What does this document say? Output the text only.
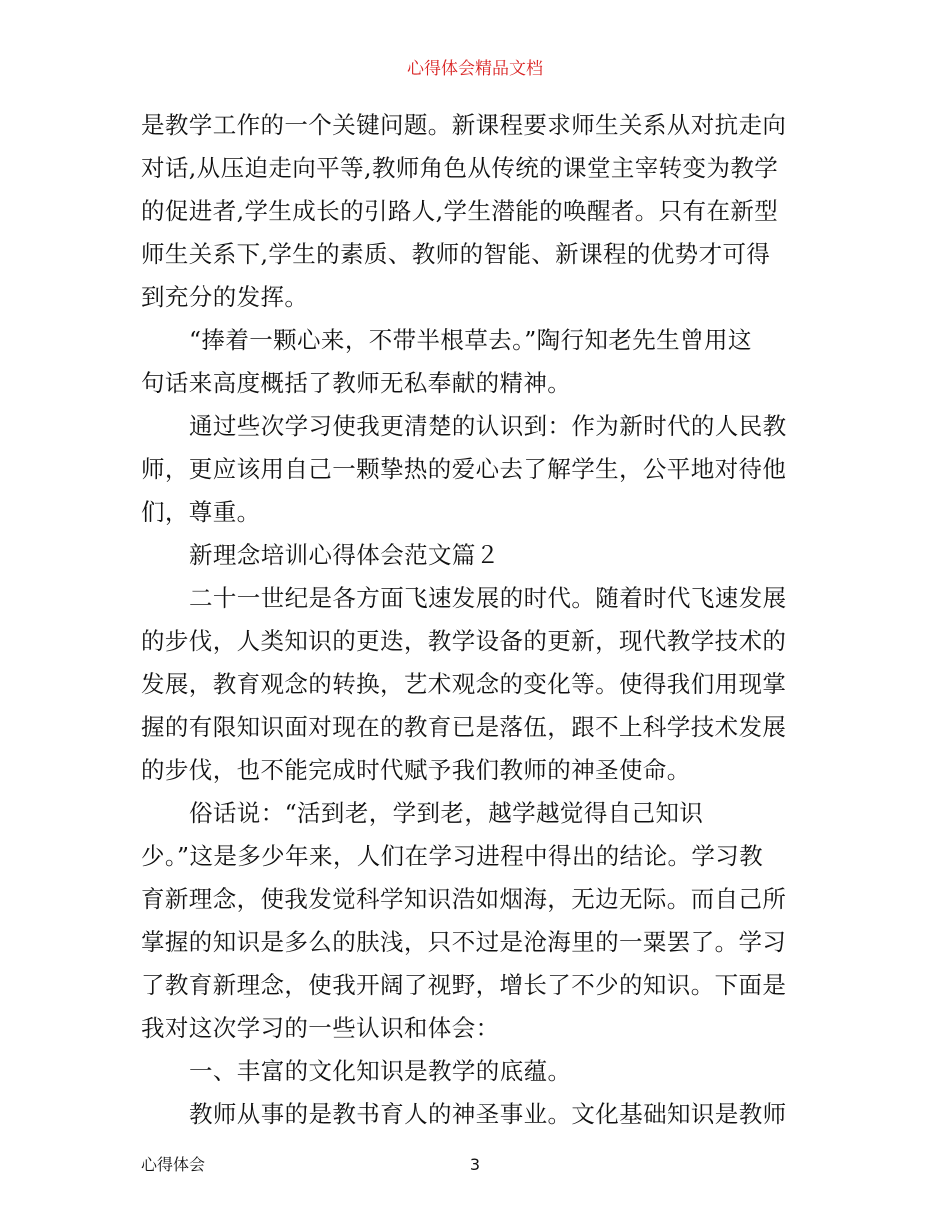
心得体会精品文档
是教学工作的一个关键问题。新课程要求师生关系从对抗走向
对话,从压迫走向平等,教师角色从传统的课堂主宰转变为教学
的促进者,学生成长的引路人,学生潜能的唤醒者。只有在新型
师生关系下,学生的素质、教师的智能、新课程的优势才可得
到充分的发挥。
“捧着一颗心来，不带半根草去。”陶行知老先生曾用这
句话来高度概括了教师无私奉献的精神。
通过些次学习使我更清楚的认识到：作为新时代的人民教
师，更应该用自己一颗挚热的爱心去了解学生，公平地对待他
们，尊重。
新理念培训心得体会范文篇２
二十一世纪是各方面飞速发展的时代。随着时代飞速发展
的步伐，人类知识的更迭，教学设备的更新，现代教学技术的
发展，教育观念的转换，艺术观念的变化等。使得我们用现掌
握的有限知识面对现在的教育已是落伍，跟不上科学技术发展
的步伐，也不能完成时代赋予我们教师的神圣使命。
俗话说：“活到老，学到老，越学越觉得自己知识
少。”这是多少年来，人们在学习进程中得出的结论。学习教
育新理念，使我发觉科学知识浩如烟海，无边无际。而自己所
掌握的知识是多么的肤浅，只不过是沧海里的一粟罢了。学习
了教育新理念，使我开阔了视野，增长了不少的知识。下面是
我对这次学习的一些认识和体会：
一、丰富的文化知识是教学的底蕴。
教师从事的是教书育人的神圣事业。文化基础知识是教师
心得体会	3
